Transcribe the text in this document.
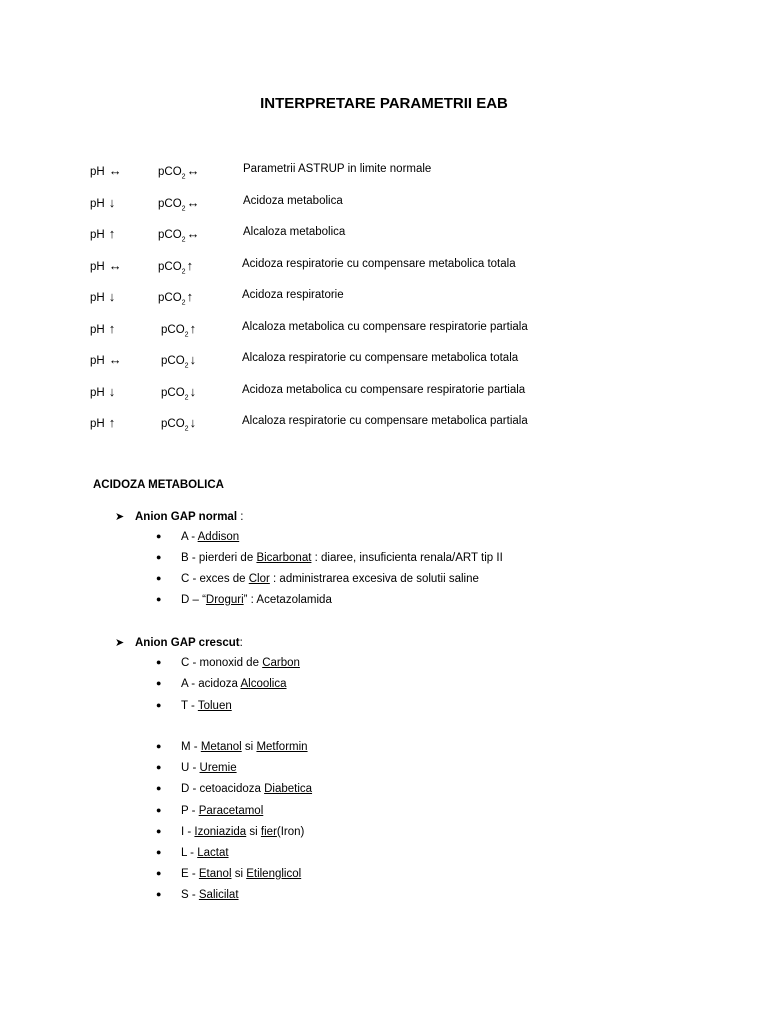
INTERPRETARE PARAMETRII EAB
pH ↔	pCO$_2$↔	Parametrii ASTRUP in limite normale
pH ↓	pCO$_2$↔	Acidoza metabolica
pH ↑	pCO$_2$↔	Alcaloza metabolica
pH ↔	pCO$_2$↑	Acidoza respiratorie cu compensare metabolica totala
pH ↓	pCO$_2$↑	Acidoza respiratorie
pH ↑	pCO$_2$↑	Alcaloza metabolica cu compensare respiratorie partiala
pH ↔	pCO$_2$↓	Alcaloza respiratorie cu compensare metabolica totala
pH ↓	pCO$_2$↓	Acidoza metabolica cu compensare respiratorie partiala
pH ↑	pCO$_2$↓	Alcaloza respiratorie cu compensare metabolica partiala
ACIDOZA METABOLICA
➤ Anion GAP normal :
● A - Addison
● B - pierderi de Bicarbonat : diaree, insuficienta renala/ART tip II
● C - exces de Clor : administrarea excesiva de solutii saline
● D – “Droguri” : Acetazolamida
➤ Anion GAP crescut:
● C - monoxid de Carbon
● A - acidoza Alcoolica
● T - Toluen
● M - Metanol si Metformin
● U - Uremie
● D - cetoacidoza Diabetica
● P - Paracetamol
● I - Izoniazida si fier(Iron)
● L - Lactat
● E - Etanol si Etilenglicol
● S - Salicilat
